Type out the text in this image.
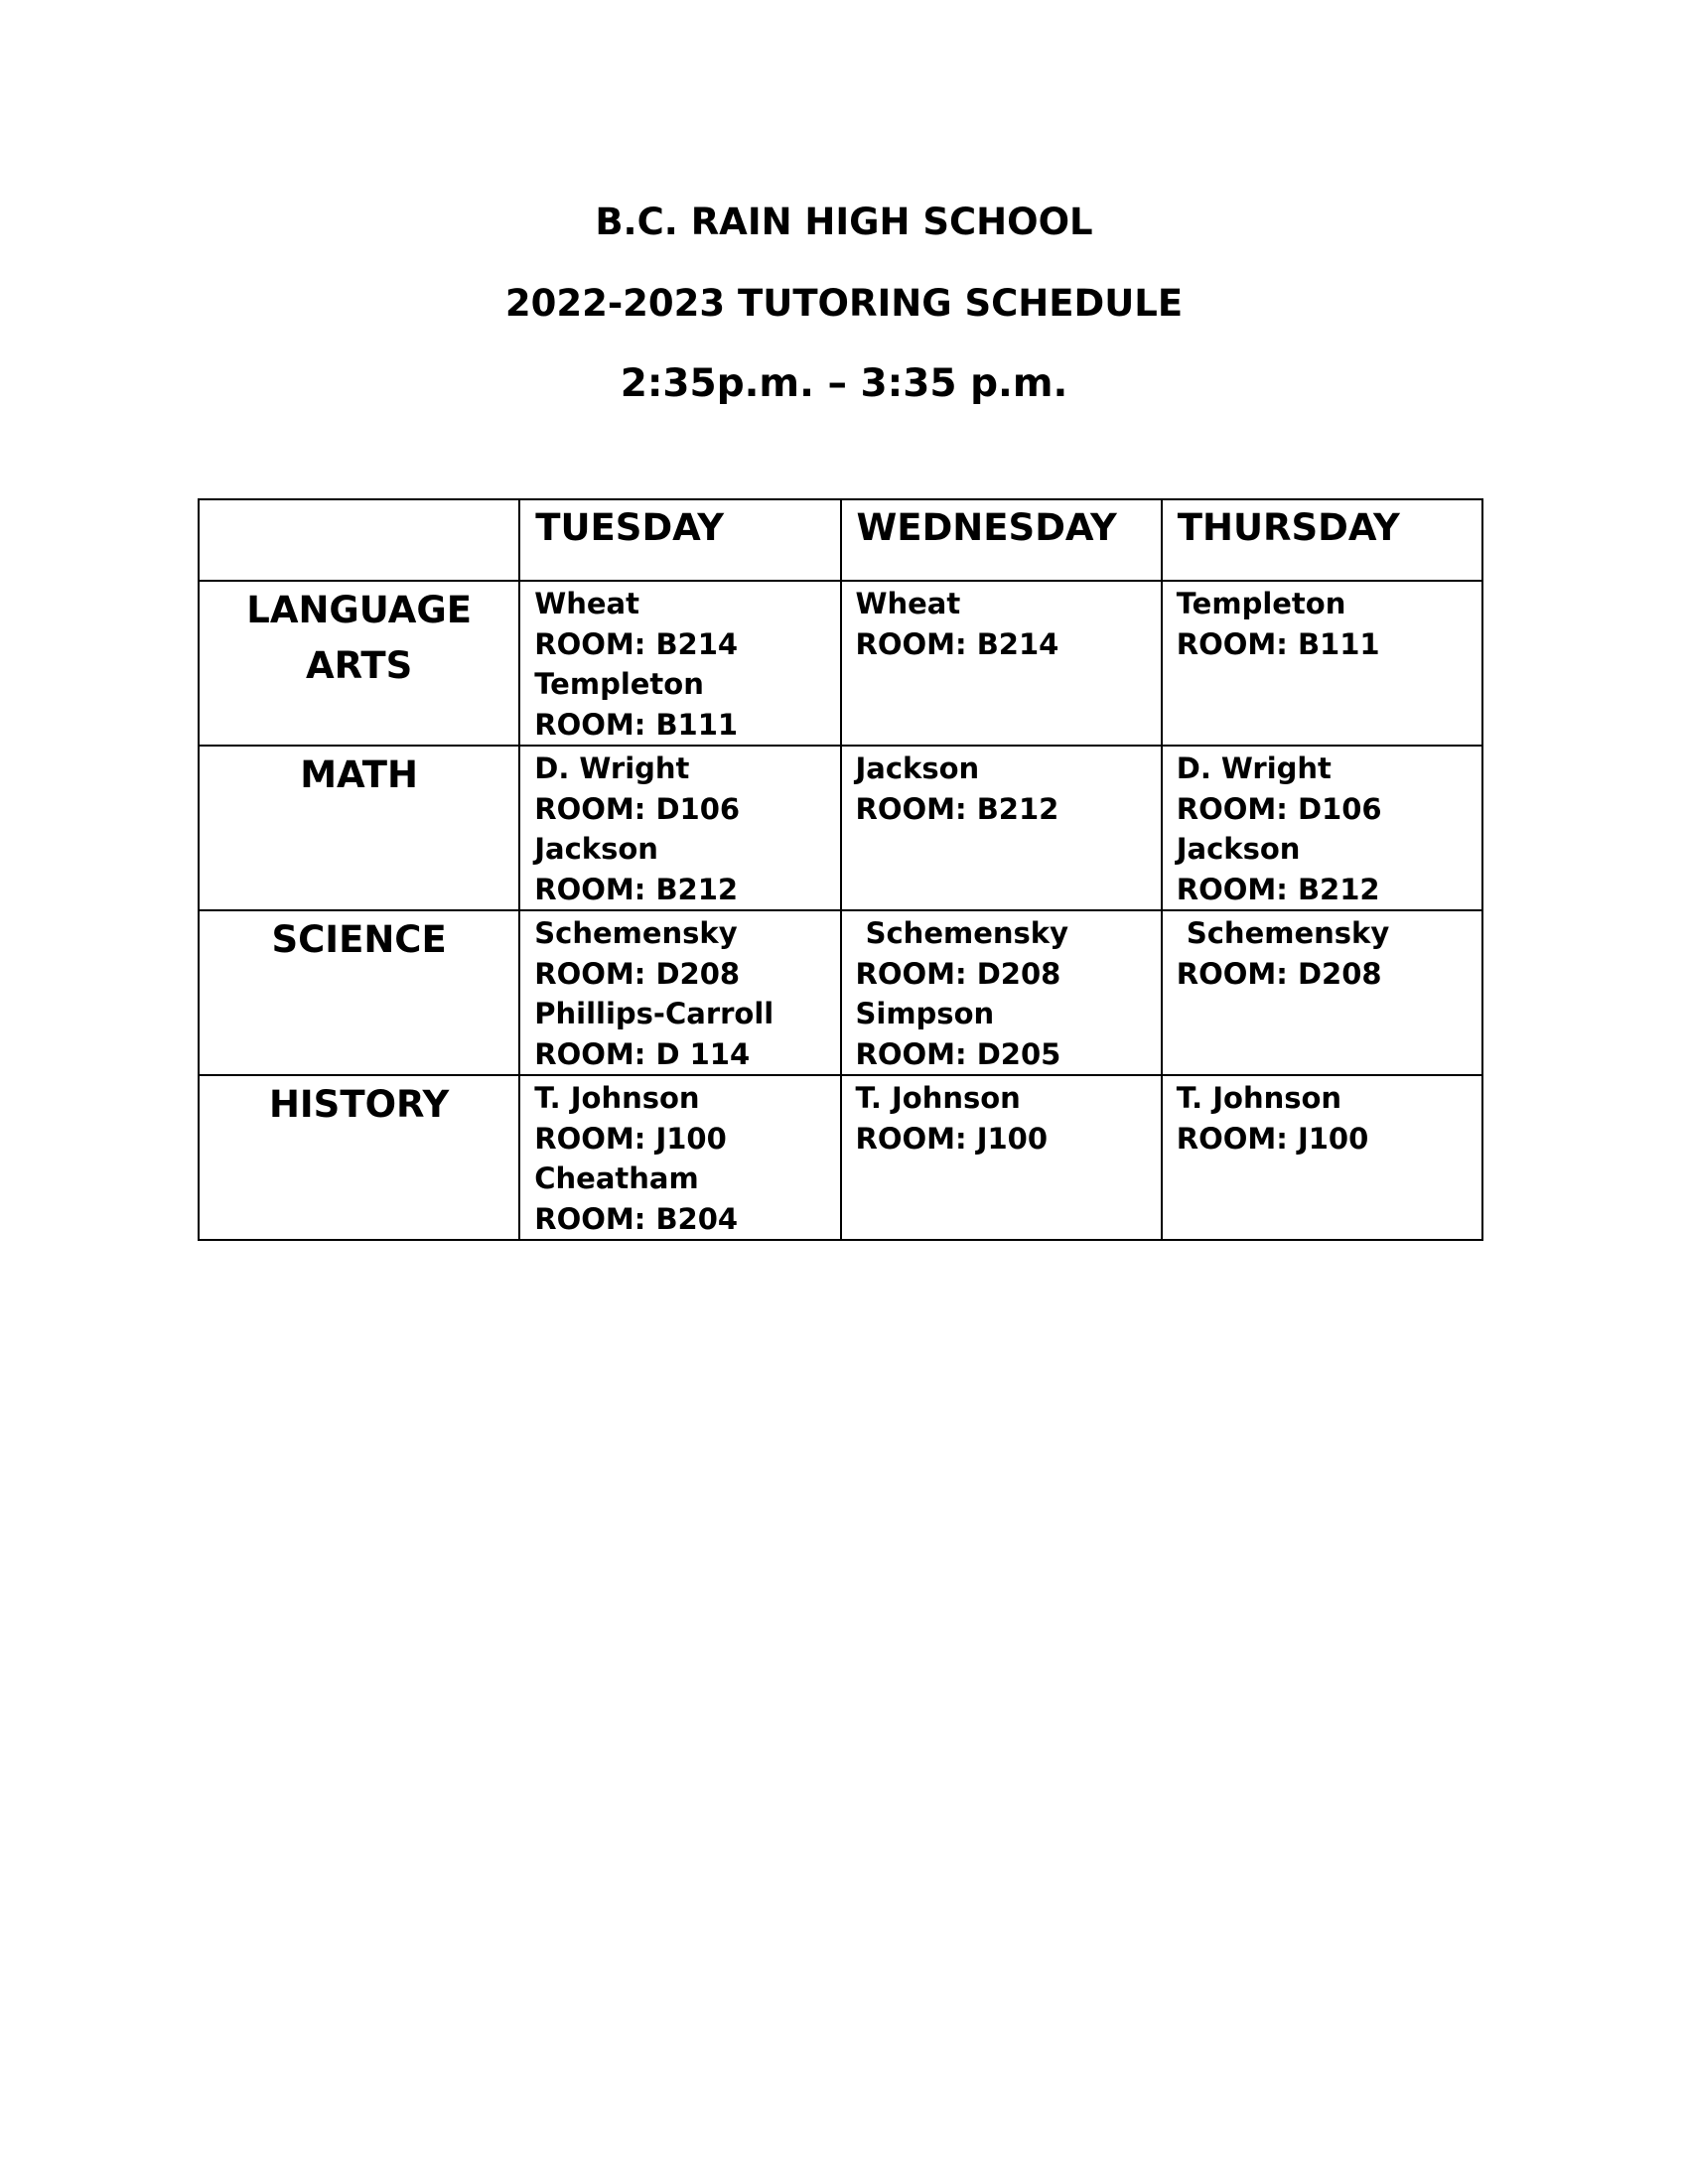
B.C. RAIN HIGH SCHOOL
2022-2023 TUTORING SCHEDULE
2:35p.m. – 3:35 p.m.

	TUESDAY	WEDNESDAY	THURSDAY

LANGUAGE
ARTS	Wheat
ROOM: B214
Templeton
ROOM: B111	Wheat
ROOM: B214	Templeton
ROOM: B111

MATH	D. Wright
ROOM: D106
Jackson
ROOM: B212	Jackson
ROOM: B212	D. Wright
ROOM: D106
Jackson
ROOM: B212

SCIENCE	Schemensky
ROOM: D208
Phillips-Carroll
ROOM: D 114	Schemensky
ROOM: D208
Simpson
ROOM: D205	Schemensky
ROOM: D208

HISTORY	T. Johnson
ROOM: J100
Cheatham
ROOM: B204	T. Johnson
ROOM: J100	T. Johnson
ROOM: J100
